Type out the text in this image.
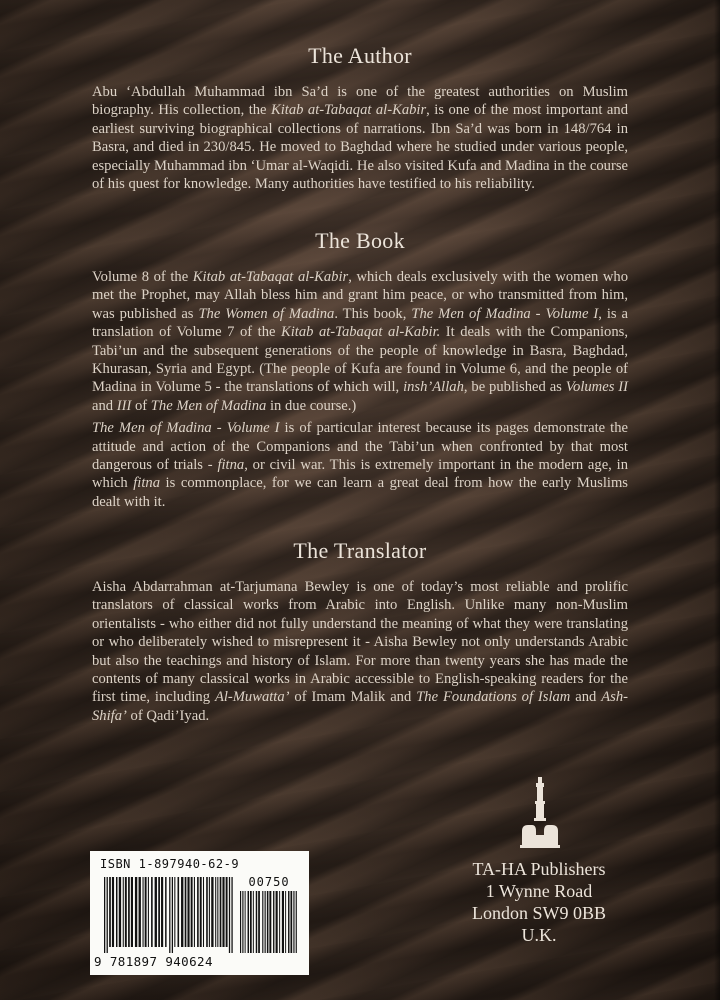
The Author

Abu ‘Abdullah Muhammad ibn Sa’d is one of the greatest authorities on Muslim biography. His collection, the Kitab at-Tabaqat al-Kabir, is one of the most important and earliest surviving biographical collections of narrations. Ibn Sa’d was born in 148/764 in Basra, and died in 230/845. He moved to Baghdad where he studied under various people, especially Muhammad ibn ‘Umar al-Waqidi. He also visited Kufa and Madina in the course of his quest for knowledge. Many authorities have testified to his reliability.

The Book

Volume 8 of the Kitab at-Tabaqat al-Kabir, which deals exclusively with the women who met the Prophet, may Allah bless him and grant him peace, or who transmitted from him, was published as The Women of Madina. This book, The Men of Madina - Volume I, is a translation of Volume 7 of the Kitab at-Tabaqat al-Kabir. It deals with the Companions, Tabi’un and the subsequent generations of the people of knowledge in Basra, Baghdad, Khurasan, Syria and Egypt. (The people of Kufa are found in Volume 6, and the people of Madina in Volume 5 - the translations of which will, insh’Allah, be published as Volumes II and III of The Men of Madina in due course.)

The Men of Madina - Volume I is of particular interest because its pages demonstrate the attitude and action of the Companions and the Tabi’un when confronted by that most dangerous of trials - fitna, or civil war. This is extremely important in the modern age, in which fitna is commonplace, for we can learn a great deal from how the early Muslims dealt with it.

The Translator

Aisha Abdarrahman at-Tarjumana Bewley is one of today’s most reliable and prolific translators of classical works from Arabic into English. Unlike many non-Muslim orientalists - who either did not fully understand the meaning of what they were translating or who deliberately wished to misrepresent it - Aisha Bewley not only understands Arabic but also the teachings and history of Islam. For more than twenty years she has made the contents of many classical works in Arabic accessible to English-speaking readers for the first time, including Al-Muwatta’ of Imam Malik and The Foundations of Islam and Ash-Shifa’ of Qadi’Iyad.

TA-HA Publishers
1 Wynne Road
London SW9 0BB
U.K.
ISBN 1-897940-62-9
00750
9 781897 940624
